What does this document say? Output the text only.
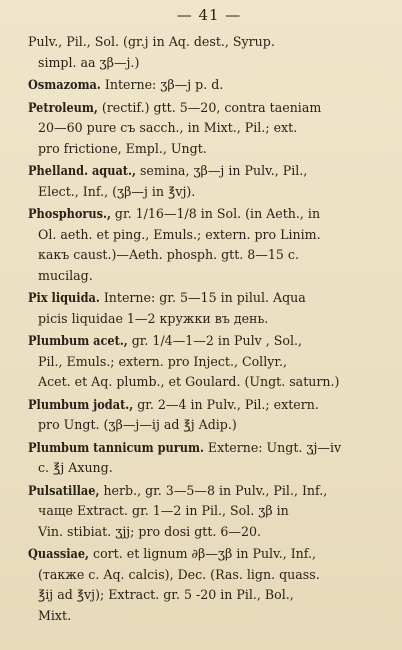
— 41 —
Pulv., Pil., Sol. (gr.j in Aq. dest., Syrup.
simpl. aa ʒβ—j.)
Osmazoma. Interne: ʒβ—j p. d.
Petroleum, (rectif.) gtt. 5—20, contra taeniam
20—60 pure съ sacch., in Mixt., Pil.; ext.
pro frictione, Empl., Ungt.
Phelland. aquat., semina, ʒβ—j in Pulv., Pil.,
Elect., Inf., (ʒβ—j in ℥vj).
Phosphorus., gr. 1/16—1/8 in Sol. (in Aeth., in
Ol. aeth. et ping., Emuls.; extern. pro Linim.
какъ caust.)—Aeth. phosph. gtt. 8—15 c.
mucilag.
Pix liquida. Interne: gr. 5—15 in pilul. Aqua
picis liquidae 1—2 кружки въ день.
Plumbum acet., gr. 1/4—1—2 in Pulv , Sol.,
Pil., Emuls.; extern. pro Inject., Collyr.,
Acet. et Aq. plumb., et Goulard. (Ungt. saturn.)
Plumbum jodat., gr. 2—4 in Pulv., Pil.; extern.
pro Ungt. (ʒβ—j—ij ad ℥j Adip.)
Plumbum tannicum purum. Externe: Ungt. ʒj—iv
c. ℥j Axung.
Pulsatillae, herb., gr. 3—5—8 in Pulv., Pil., Inf.,
чаще Extract. gr. 1—2 in Pil., Sol. ʒβ in
Vin. stibiat. ʒjj; pro dosi gtt. 6—20.
Quassiae, cort. et lignum ∂β—ʒβ in Pulv., Inf.,
(также c. Aq. calcis), Dec. (Ras. lign. quass.
℥ij ad ℥vj); Extract. gr. 5 -20 in Pil., Bol.,
Mixt.
